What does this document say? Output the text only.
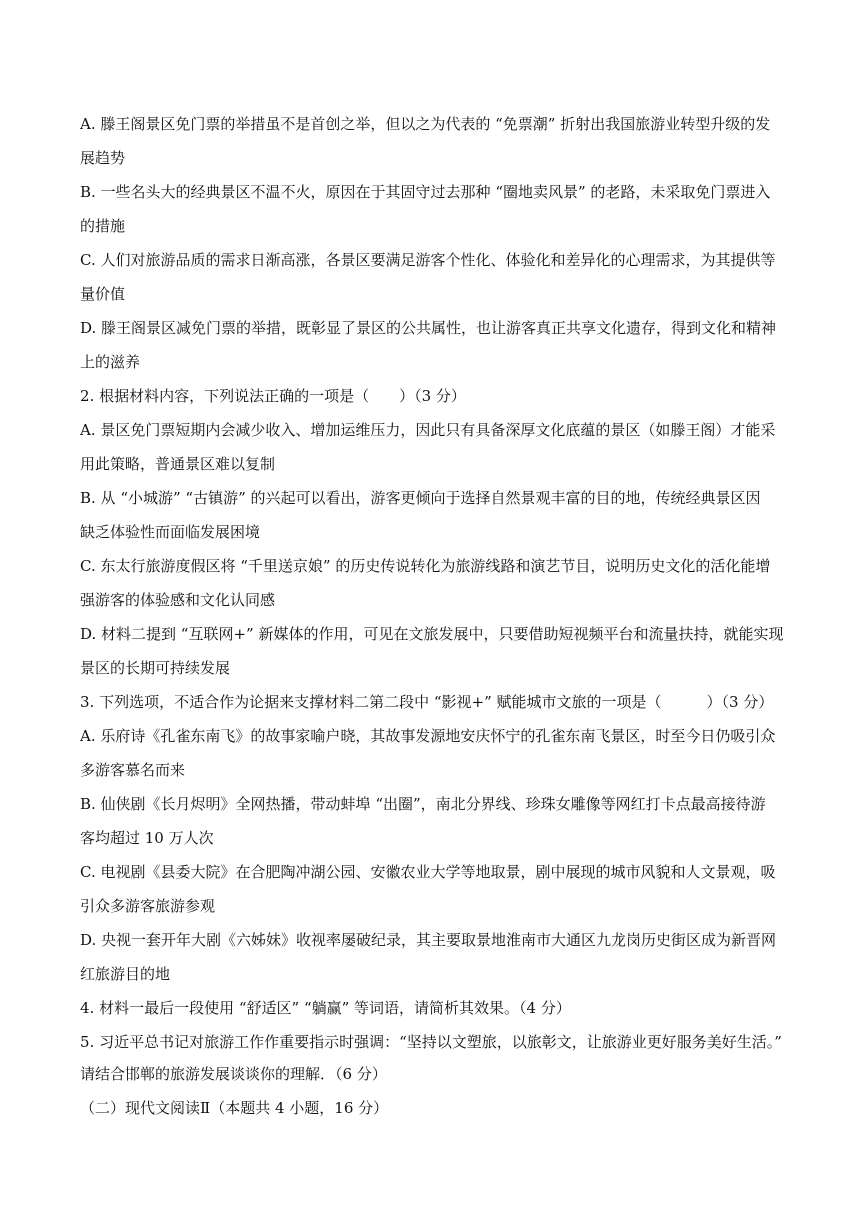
A. 滕王阁景区免门票的举措虽不是首创之举，但以之为代表的 “免票潮” 折射出我国旅游业转型升级的发
展趋势
B. 一些名头大的经典景区不温不火，原因在于其固守过去那种 “圈地卖风景” 的老路，未采取免门票进入
的措施
C. 人们对旅游品质的需求日渐高涨，各景区要满足游客个性化、体验化和差异化的心理需求，为其提供等
量价值
D. 滕王阁景区减免门票的举措，既彰显了景区的公共属性，也让游客真正共享文化遗存，得到文化和精神
上的滋养
2. 根据材料内容，下列说法正确的一项是（　　）（3 分）
A. 景区免门票短期内会减少收入、增加运维压力，因此只有具备深厚文化底蕴的景区（如滕王阁）才能采
用此策略，普通景区难以复制
B. 从 “小城游” “古镇游” 的兴起可以看出，游客更倾向于选择自然景观丰富的目的地，传统经典景区因
缺乏体验性而面临发展困境
C. 东太行旅游度假区将 “千里送京娘” 的历史传说转化为旅游线路和演艺节目，说明历史文化的活化能增
强游客的体验感和文化认同感
D. 材料二提到 “互联网+” 新媒体的作用，可见在文旅发展中，只要借助短视频平台和流量扶持，就能实现
景区的长期可持续发展
3. 下列选项，不适合作为论据来支撑材料二第二段中 “影视+” 赋能城市文旅的一项是（　　　）（3 分）
A. 乐府诗《孔雀东南飞》的故事家喻户晓，其故事发源地安庆怀宁的孔雀东南飞景区，时至今日仍吸引众
多游客慕名而来
B. 仙侠剧《长月烬明》全网热播，带动蚌埠 “出圈”，南北分界线、珍珠女雕像等网红打卡点最高接待游
客均超过 10 万人次
C. 电视剧《县委大院》在合肥陶冲湖公园、安徽农业大学等地取景，剧中展现的城市风貌和人文景观，吸
引众多游客旅游参观
D. 央视一套开年大剧《六姊妹》收视率屡破纪录，其主要取景地淮南市大通区九龙岗历史街区成为新晋网
红旅游目的地
4. 材料一最后一段使用 “舒适区” “躺赢” 等词语，请简析其效果。（4 分）
5. 习近平总书记对旅游工作作重要指示时强调：“坚持以文塑旅，以旅彰文，让旅游业更好服务美好生活。”
请结合邯郸的旅游发展谈谈你的理解．（6 分）
（二）现代文阅读Ⅱ（本题共 4 小题，16 分）
